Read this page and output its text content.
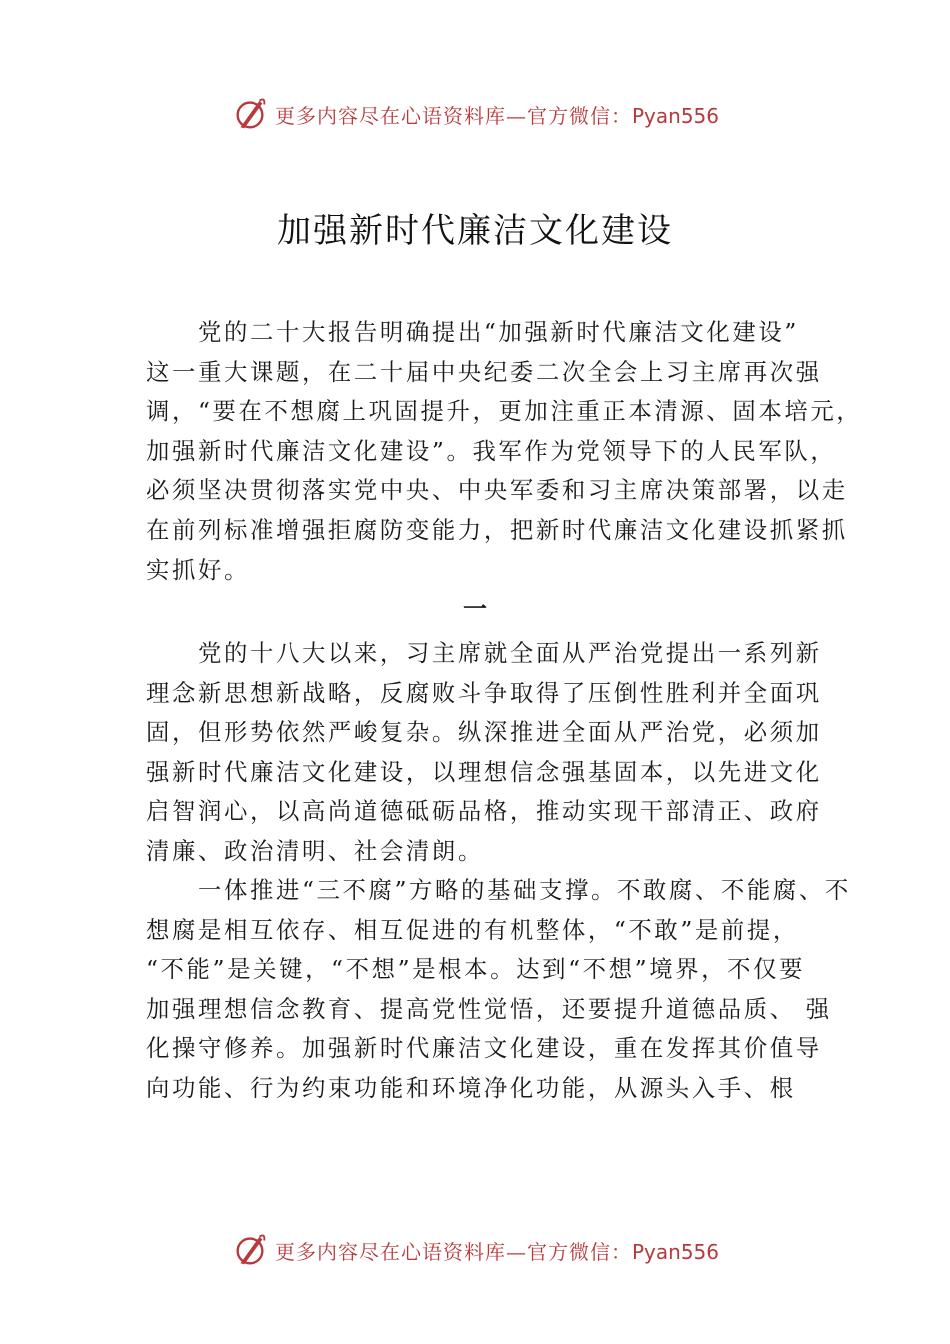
更多内容尽在心语资料库—官方微信：Pyan556
加强新时代廉洁文化建设
　　党的二十大报告明确提出“加强新时代廉洁文化建设”
这一重大课题，在二十届中央纪委二次全会上习主席再次强
调，“要在不想腐上巩固提升，更加注重正本清源、固本培元，
加强新时代廉洁文化建设”。我军作为党领导下的人民军队，
必须坚决贯彻落实党中央、中央军委和习主席决策部署，以走
在前列标准增强拒腐防变能力，把新时代廉洁文化建设抓紧抓
实抓好。
一
　　党的十八大以来，习主席就全面从严治党提出一系列新
理念新思想新战略，反腐败斗争取得了压倒性胜利并全面巩
固，但形势依然严峻复杂。纵深推进全面从严治党，必须加
强新时代廉洁文化建设，以理想信念强基固本，以先进文化
启智润心，以高尚道德砥砺品格，推动实现干部清正、政府
清廉、政治清明、社会清朗。
　　一体推进“三不腐”方略的基础支撑。不敢腐、不能腐、不
想腐是相互依存、相互促进的有机整体，“不敢”是前提，
“不能”是关键，“不想”是根本。达到“不想”境界，不仅要
加强理想信念教育、提高党性觉悟，还要提升道德品质、 强
化操守修养。加强新时代廉洁文化建设，重在发挥其价值导
向功能、行为约束功能和环境净化功能，从源头入手、根
更多内容尽在心语资料库—官方微信：Pyan556
